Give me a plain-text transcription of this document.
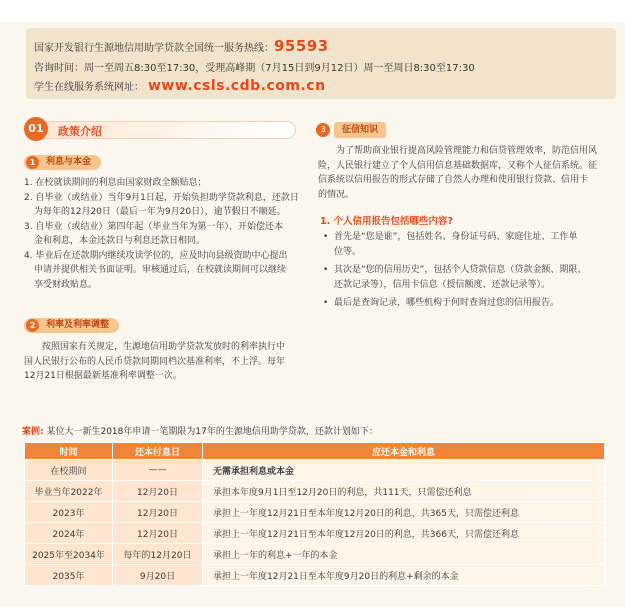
国家开发银行生源地信用助学贷款全国统一服务热线：95593
咨询时间：周一至周五8:30至17:30，受理高峰期（7月15日到9月12日）周一至周日8:30至17:30
学生在线服务系统网址： www.csls.cdb.com.cn
01	政策介绍
1	利息与本金

1. 在校就读期间的利息由国家财政全额贴息；

2. 自毕业（或结业）当年9月1日起，开始负担助学贷款利息，还款日

为每年的12月20日（最后一年为9月20日），逾节假日不顺延。

3. 自毕业（或结业）第四年起（毕业当年为第一年），开始偿还本

金和利息，本金还款日与利息还款日相同。

4. 毕业后在还款期内继续攻读学位的，应及时向县级资助中心提出

申请并提供相关书面证明。审核通过后，在校就读期间可以继续

享受财政贴息。

2	利率及利率调整

按照国家有关规定，生源地信用助学贷款发放时的利率执行中

国人民银行公布的人民币贷款同期同档次基准利率，不上浮。每年

12月21日根据最新基准利率调整一次。

3	征信知识

为了帮助商业银行提高风险管理能力和信贷管理效率，防范信用风

险，人民银行建立了个人信用信息基础数据库，又称个人征信系统。征

信系统以信用报告的形式存储了自然人办理和使用银行贷款、信用卡

的情况。

1. 个人信用报告包括哪些内容?
• 首先是“您是谁”，包括姓名、身份证号码、家庭住址、工作单
位等。
• 其次是“您的信用历史”，包括个人贷款信息（贷款金额、期限、
还款记录等），信用卡信息（授信额度、还款记录等）。
• 最后是查询记录，哪些机构于何时查询过您的信用报告。
案例: 某位大一新生2018年申请一笔期限为17年的生源地信用助学贷款，还款计划如下：
时间	还本付息日	应还本金和利息
在校期间	——	无需承担利息或本金
毕业当年2022年	12月20日	承担本年度9月1日至12月20日的利息，共111天，只需偿还利息
2023年	12月20日	承担上一年度12月21日至本年度12月20日的利息，共365天，只需偿还利息
2024年	12月20日	承担上一年度12月21日至本年度12月20日的利息，共366天，只需偿还利息
2025年至2034年	每年的12月20日	承担上一年的利息+一年的本金
2035年	9月20日	承担上一年度12月21日至本年度9月20日的利息+剩余的本金
